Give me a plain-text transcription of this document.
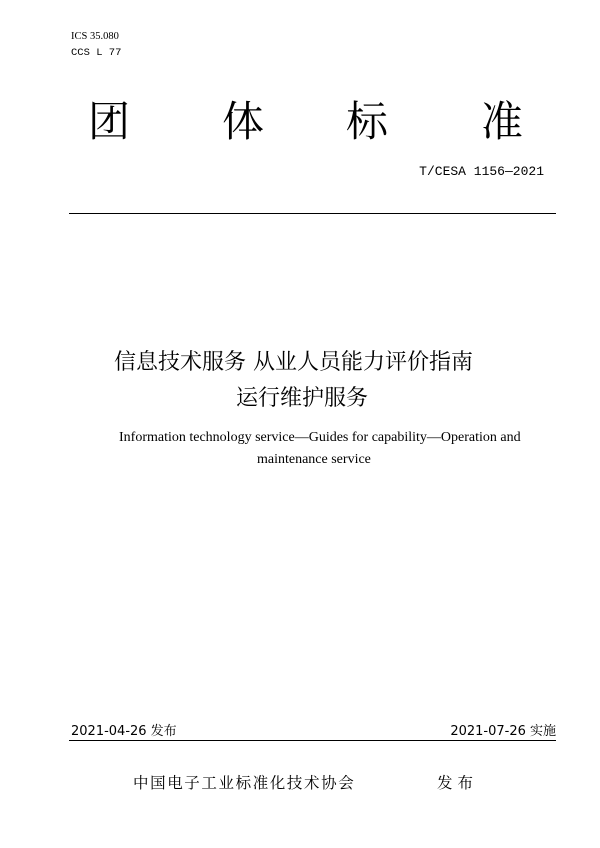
ICS 35.080
CCS L 77
团 体 标 准
T/CESA 1156—2021
信息技术服务 从业人员能力评价指南
运行维护服务
Information technology service—Guides for capability—Operation and
maintenance service
2021-04-26 发布	2021-07-26 实施
中国电子工业标准化技术协会	发布
